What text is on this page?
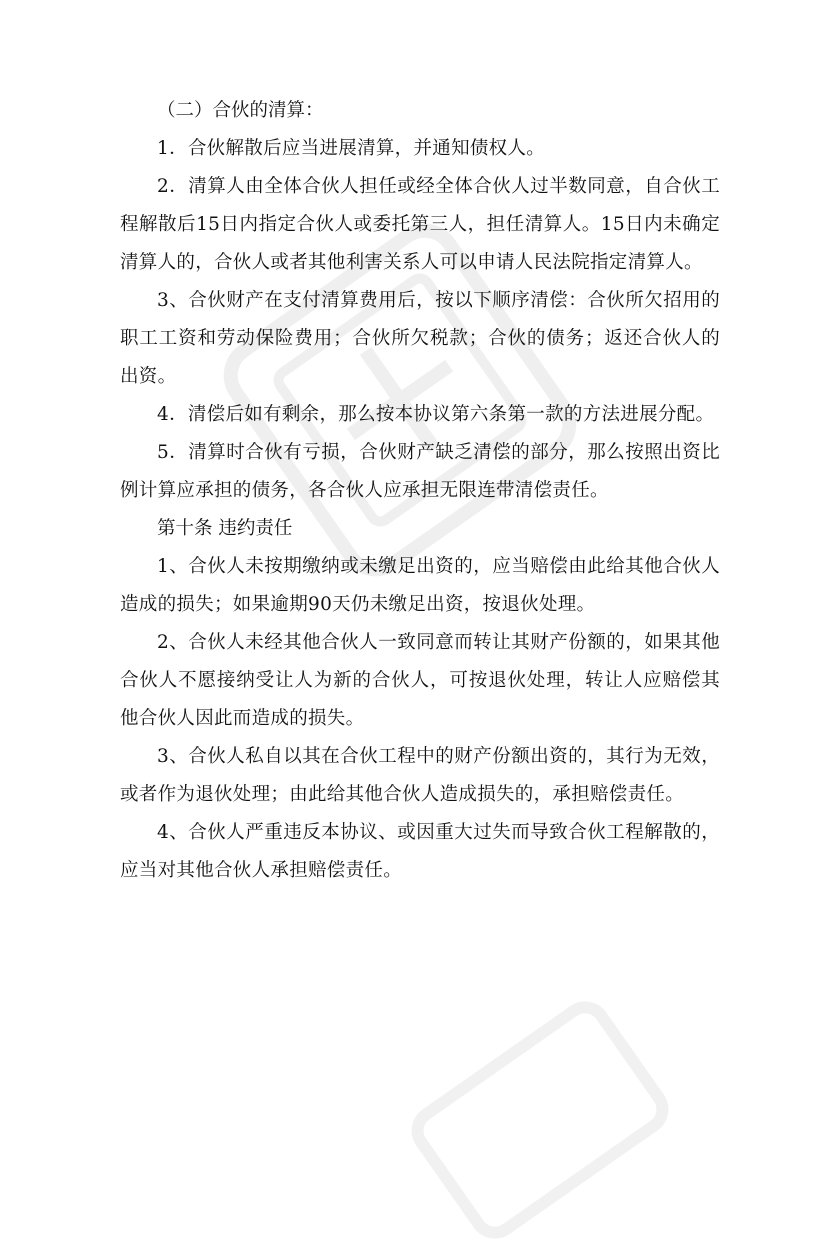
（二）合伙的清算：

1．合伙解散后应当进展清算，并通知债权人。

2．清算人由全体合伙人担任或经全体合伙人过半数同意，自合伙工程解散后15日内指定合伙人或委托第三人，担任清算人。15日内未确定清算人的，合伙人或者其他利害关系人可以申请人民法院指定清算人。

3、合伙财产在支付清算费用后，按以下顺序清偿：合伙所欠招用的职工工资和劳动保险费用；合伙所欠税款；合伙的债务；返还合伙人的出资。

4．清偿后如有剩余，那么按本协议第六条第一款的方法进展分配。

5．清算时合伙有亏损，合伙财产缺乏清偿的部分，那么按照出资比例计算应承担的债务，各合伙人应承担无限连带清偿责任。

第十条 违约责任

1、合伙人未按期缴纳或未缴足出资的，应当赔偿由此给其他合伙人造成的损失；如果逾期90天仍未缴足出资，按退伙处理。

2、合伙人未经其他合伙人一致同意而转让其财产份额的，如果其他合伙人不愿接纳受让人为新的合伙人，可按退伙处理，转让人应赔偿其他合伙人因此而造成的损失。

3、合伙人私自以其在合伙工程中的财产份额出资的，其行为无效，或者作为退伙处理；由此给其他合伙人造成损失的，承担赔偿责任。

4、合伙人严重违反本协议、或因重大过失而导致合伙工程解散的，应当对其他合伙人承担赔偿责任。
